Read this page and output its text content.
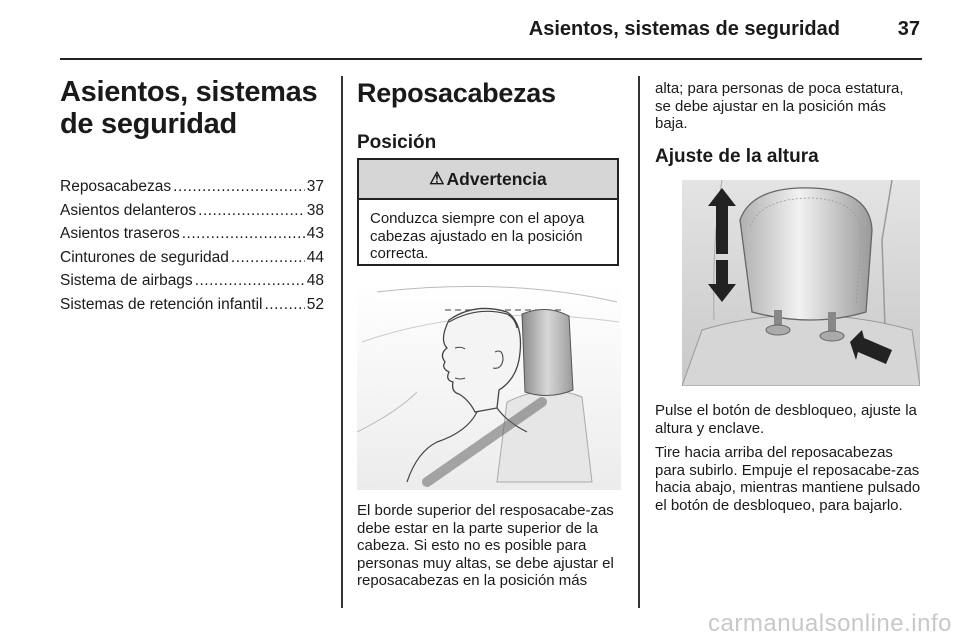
Asientos, sistemas de seguridad	37
Asientos, sistemas de seguridad
Reposacabezas .....	37
Asientos delanteros .....	38
Asientos traseros .....	43
Cinturones de seguridad .....	44
Sistema de airbags .....	48
Sistemas de retención infantil .....	52
Reposacabezas
Posición
⚠ Advertencia
Conduzca siempre con el apoya cabezas ajustado en la posición correcta.
El borde superior del resposacabe-zas debe estar en la parte superior de la cabeza. Si esto no es posible para personas muy altas, se debe ajustar el reposacabezas en la posición más
alta; para personas de poca estatura, se debe ajustar en la posición más baja.
Ajuste de la altura
Pulse el botón de desbloqueo, ajuste la altura y enclave.
Tire hacia arriba del reposacabezas para subirlo. Empuje el reposacabe-zas hacia abajo, mientras mantiene pulsado el botón de desbloqueo, para bajarlo.
carmanualsonline.info
